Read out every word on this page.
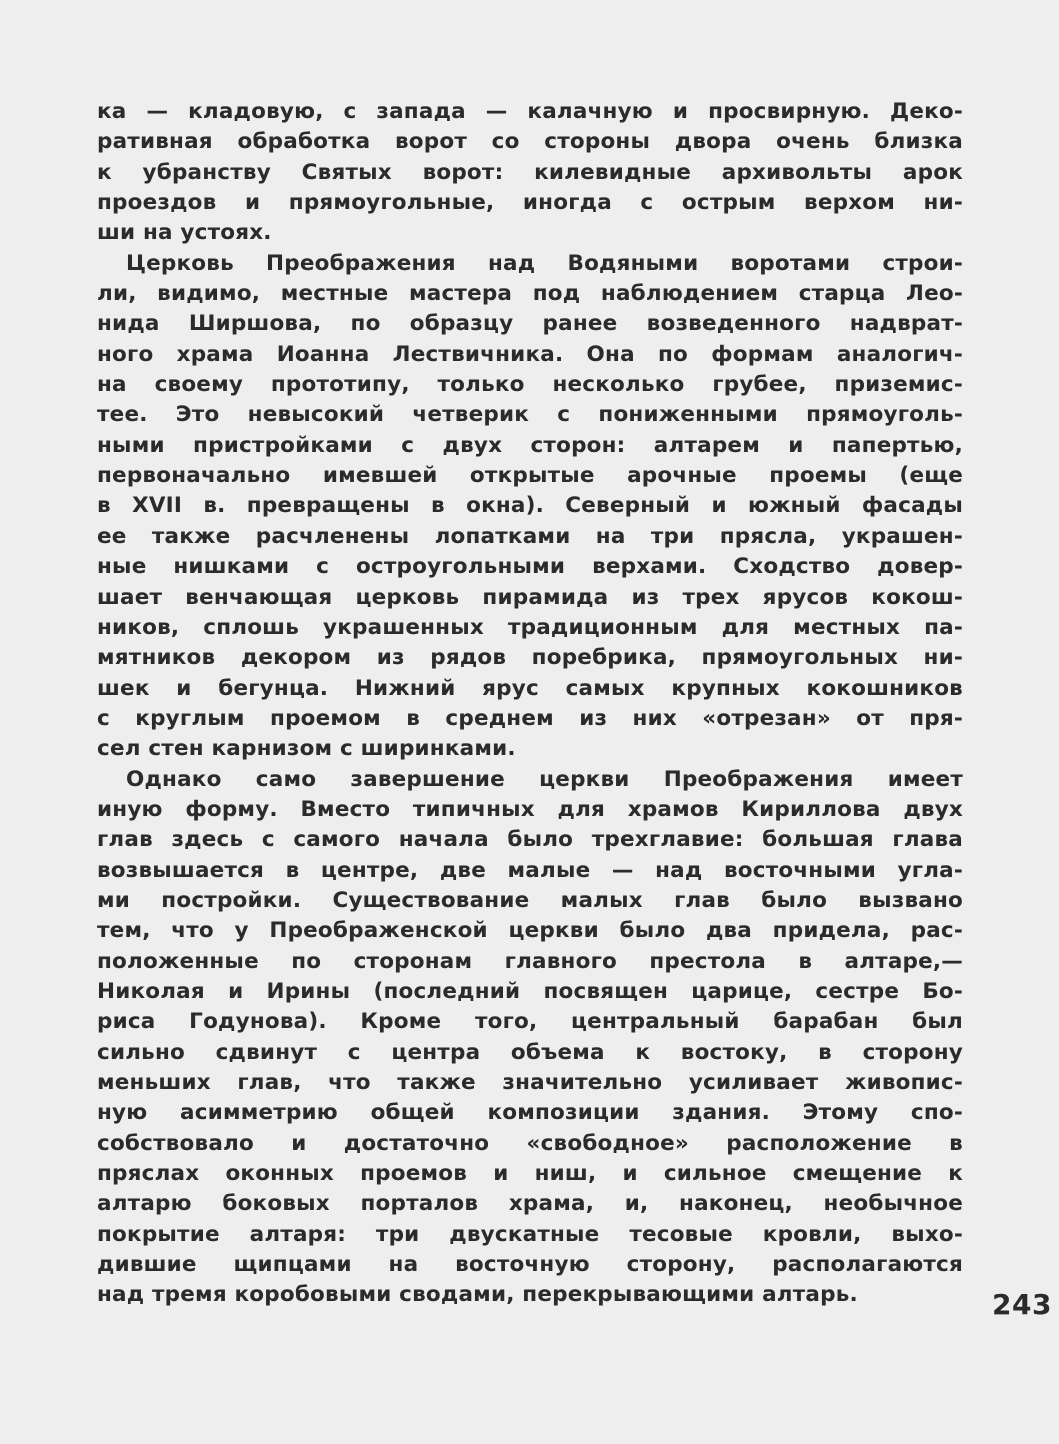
ка — кладовую, с запада — калачную и просвирную. Деко-
ративная обработка ворот со стороны двора очень близка
к убранству Святых ворот: килевидные архивольты арок
проездов и прямоугольные, иногда с острым верхом ни-
ши на устоях.
Церковь Преображения над Водяными воротами строи-
ли, видимо, местные мастера под наблюдением старца Лео-
нида Ширшова, по образцу ранее возведенного надврат-
ного храма Иоанна Лествичника. Она по формам аналогич-
на своему прототипу, только несколько грубее, приземис-
тее. Это невысокий четверик с пониженными прямоуголь-
ными пристройками с двух сторон: алтарем и папертью,
первоначально имевшей открытые арочные проемы (еще
в XVII в. превращены в окна). Северный и южный фасады
ее также расчленены лопатками на три прясла, украшен-
ные нишками с остроугольными верхами. Сходство довер-
шает венчающая церковь пирамида из трех ярусов кокош-
ников, сплошь украшенных традиционным для местных па-
мятников декором из рядов поребрика, прямоугольных ни-
шек и бегунца. Нижний ярус самых крупных кокошников
с круглым проемом в среднем из них «отрезан» от пря-
сел стен карнизом с ширинками.
Однако само завершение церкви Преображения имеет
иную форму. Вместо типичных для храмов Кириллова двух
глав здесь с самого начала было трехглавие: большая глава
возвышается в центре, две малые — над восточными угла-
ми постройки. Существование малых глав было вызвано
тем, что у Преображенской церкви было два придела, рас-
положенные по сторонам главного престола в алтаре,—
Николая и Ирины (последний посвящен царице, сестре Бо-
риса Годунова). Кроме того, центральный барабан был
сильно сдвинут с центра объема к востоку, в сторону
меньших глав, что также значительно усиливает живопис-
ную асимметрию общей композиции здания. Этому спо-
собствовало и достаточно «свободное» расположение в
пряслах оконных проемов и ниш, и сильное смещение к
алтарю боковых порталов храма, и, наконец, необычное
покрытие алтаря: три двускатные тесовые кровли, выхо-
дившие щипцами на восточную сторону, располагаются
над тремя коробовыми сводами, перекрывающими алтарь.	243
